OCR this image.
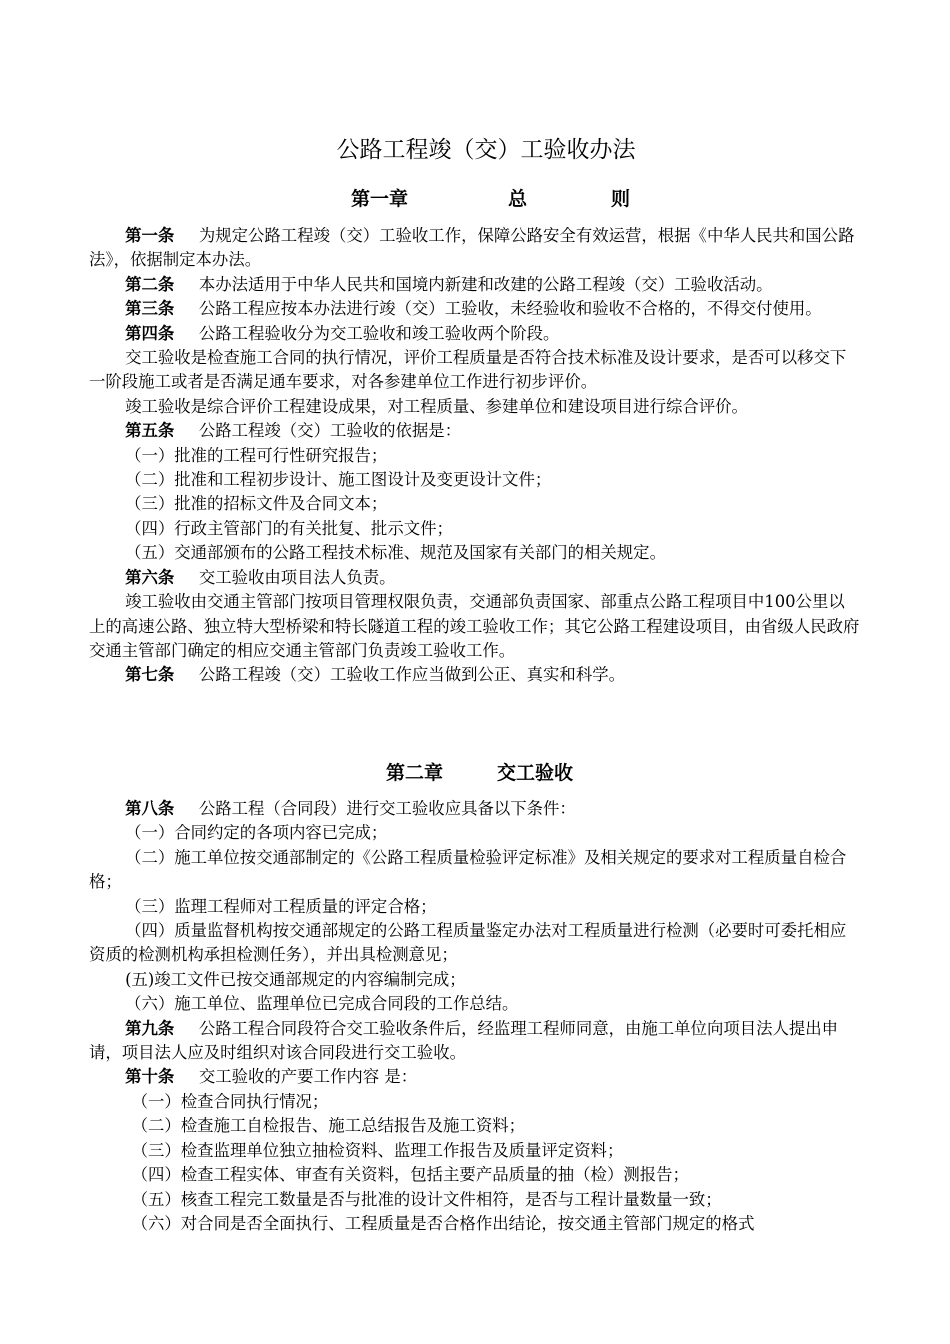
公路工程竣（交）工验收办法
第一章	总	则

第一条 为规定公路工程竣（交）工验收工作，保障公路安全有效运营，根据《中华人民共和国公路法》，依据制定本办法。

第二条 本办法适用于中华人民共和国境内新建和改建的公路工程竣（交）工验收活动。

第三条 公路工程应按本办法进行竣（交）工验收，未经验收和验收不合格的，不得交付使用。

第四条 公路工程验收分为交工验收和竣工验收两个阶段。

交工验收是检查施工合同的执行情况，评价工程质量是否符合技术标准及设计要求，是否可以移交下一阶段施工或者是否满足通车要求，对各参建单位工作进行初步评价。

竣工验收是综合评价工程建设成果，对工程质量、参建单位和建设项目进行综合评价。

第五条 公路工程竣（交）工验收的依据是：

（一）批准的工程可行性研究报告；

（二）批准和工程初步设计、施工图设计及变更设计文件；

（三）批准的招标文件及合同文本；

（四）行政主管部门的有关批复、批示文件；

（五）交通部颁布的公路工程技术标准、规范及国家有关部门的相关规定。

第六条 交工验收由项目法人负责。

竣工验收由交通主管部门按项目管理权限负责，交通部负责国家、部重点公路工程项目中100公里以上的高速公路、独立特大型桥梁和特长隧道工程的竣工验收工作；其它公路工程建设项目，由省级人民政府交通主管部门确定的相应交通主管部门负责竣工验收工作。

第七条 公路工程竣（交）工验收工作应当做到公正、真实和科学。

第二章	交工验收

第八条 公路工程（合同段）进行交工验收应具备以下条件：

（一）合同约定的各项内容已完成；

（二）施工单位按交通部制定的《公路工程质量检验评定标准》及相关规定的要求对工程质量自检合格；

（三）监理工程师对工程质量的评定合格；

（四）质量监督机构按交通部规定的公路工程质量鉴定办法对工程质量进行检测（必要时可委托相应资质的检测机构承担检测任务），并出具检测意见；

(五)竣工文件已按交通部规定的内容编制完成；

（六）施工单位、监理单位已完成合同段的工作总结。

第九条 公路工程合同段符合交工验收条件后，经监理工程师同意，由施工单位向项目法人提出申请，项目法人应及时组织对该合同段进行交工验收。

第十条 交工验收的产要工作内容 是：

（一）检查合同执行情况；

（二）检查施工自检报告、施工总结报告及施工资料；

（三）检查监理单位独立抽检资料、监理工作报告及质量评定资料；

（四）检查工程实体、审查有关资料，包括主要产品质量的抽（检）测报告；

（五）核查工程完工数量是否与批准的设计文件相符，是否与工程计量数量一致；

（六）对合同是否全面执行、工程质量是否合格作出结论，按交通主管部门规定的格式
